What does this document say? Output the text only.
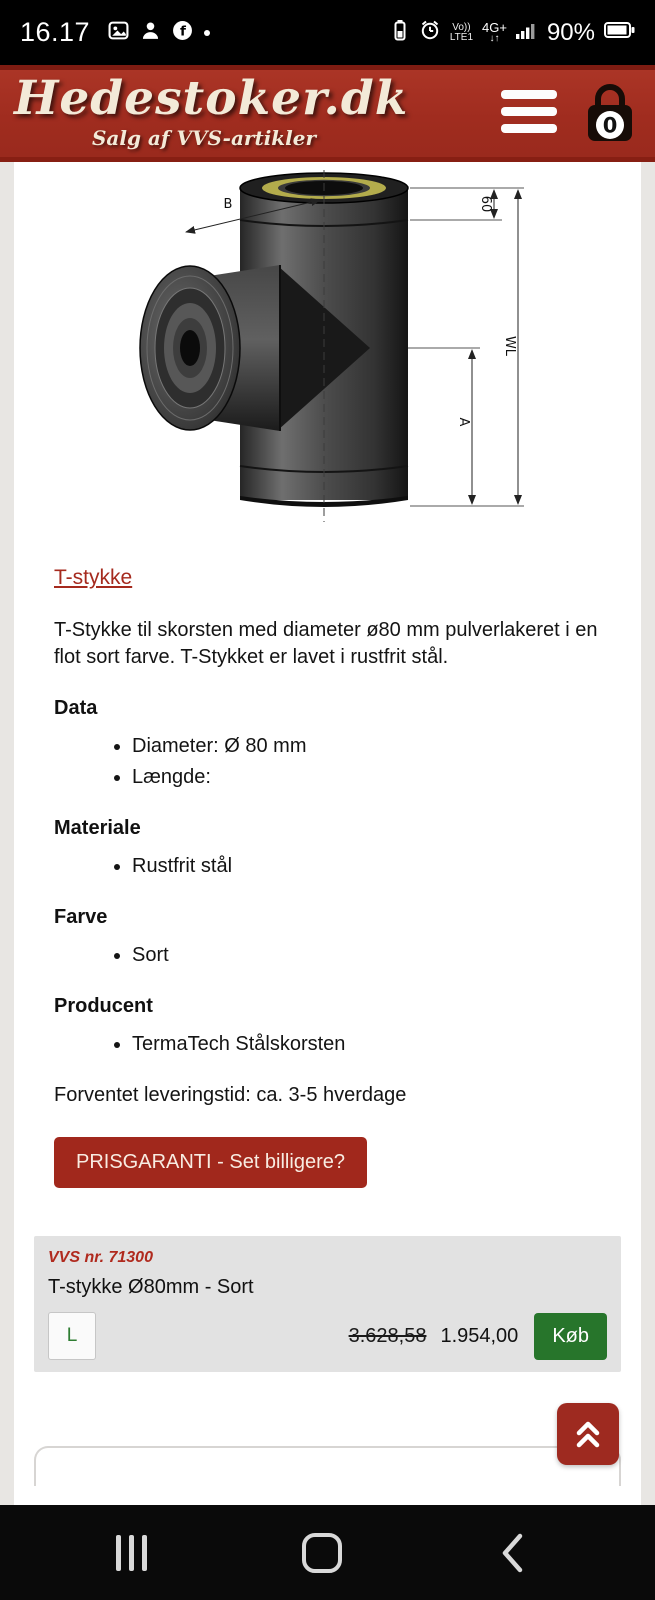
16.17	f	Vo))
LTE1
4G+
↓↑ 90%
Hedestoker.dk
Salg af VVS-artikler
0
60
WL
A
B
T-stykke

T-Stykke til skorsten med diameter ø80 mm pulverlakeret i en flot sort farve. T-Stykket er lavet i rustfrit stål.

Data
• Diameter: Ø 80 mm
• Længde:
Materiale
• Rustfrit stål
Farve
• Sort
Producent
• TermaTech Stålskorsten

Forventet leveringstid: ca. 3-5 hverdage

PRISGARANTI - Set billigere?
VVS nr. 71300
T-stykke Ø80mm - Sort
L	3.628,58 1.954,00	Køb
